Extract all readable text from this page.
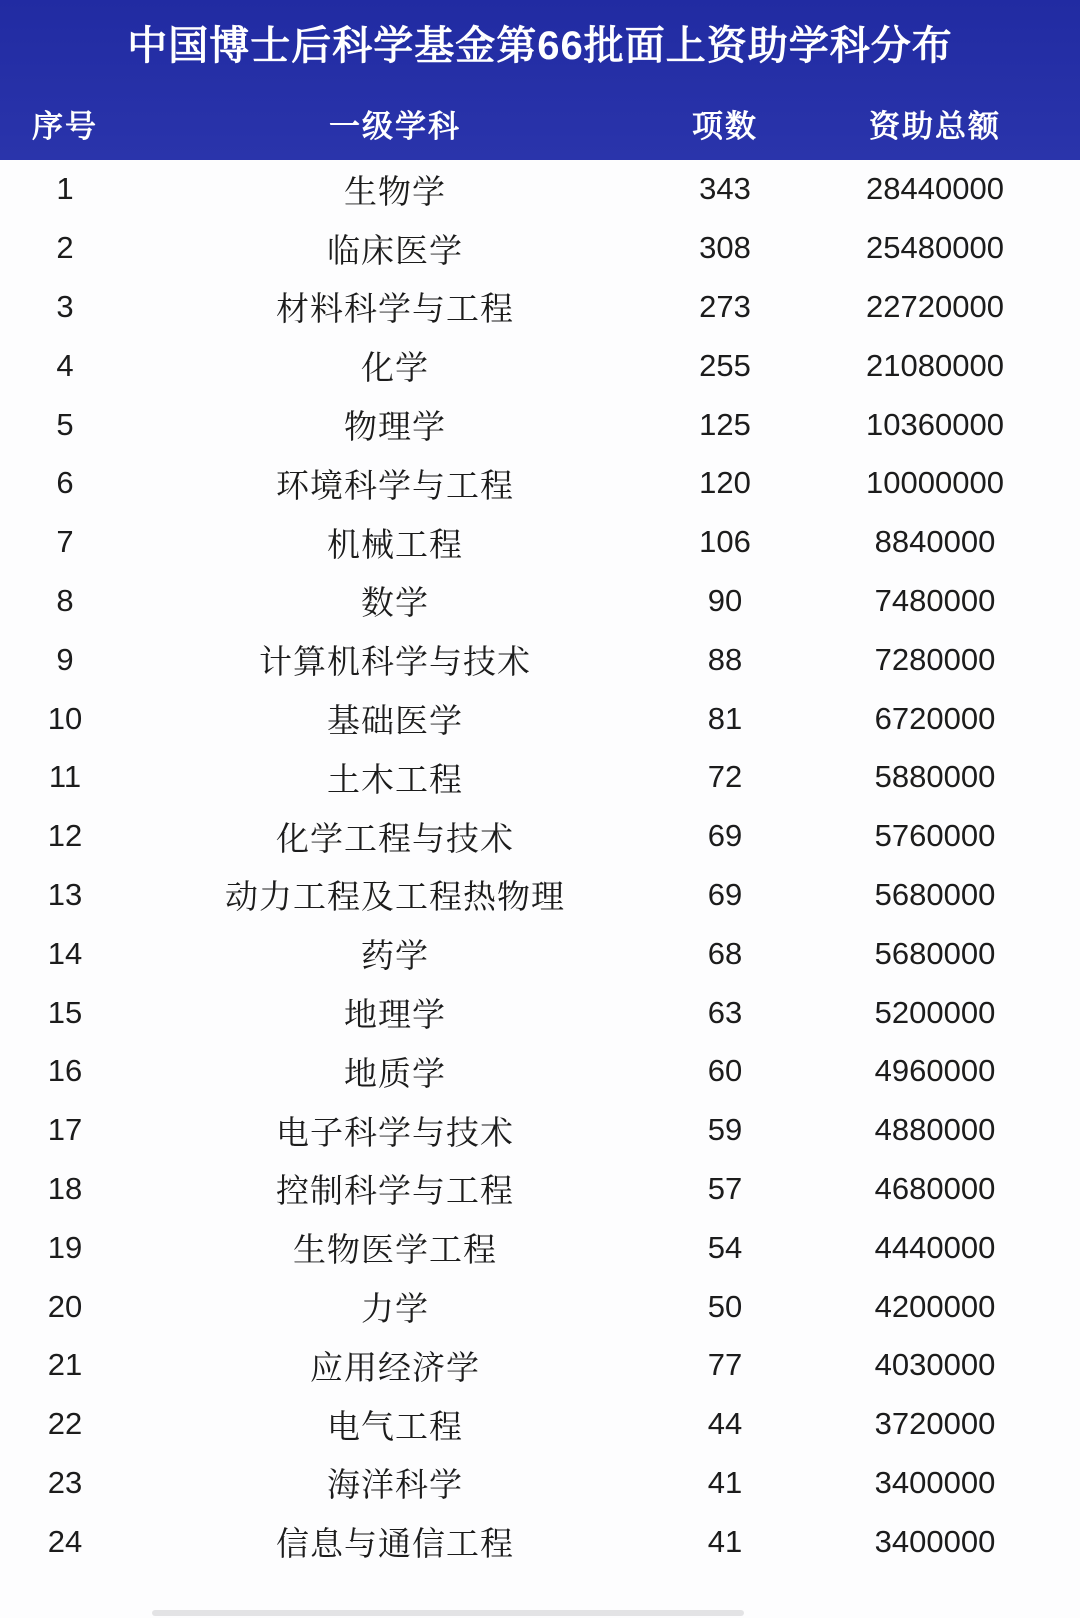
中国博士后科学基金第66批面上资助学科分布
序号	一级学科	项数	资助总额
1	生物学	343	28440000
2	临床医学	308	25480000
3	材料科学与工程	273	22720000
4	化学	255	21080000
5	物理学	125	10360000
6	环境科学与工程	120	10000000
7	机械工程	106	8840000
8	数学	90	7480000
9	计算机科学与技术	88	7280000
10	基础医学	81	6720000
11	土木工程	72	5880000
12	化学工程与技术	69	5760000
13	动力工程及工程热物理	69	5680000
14	药学	68	5680000
15	地理学	63	5200000
16	地质学	60	4960000
17	电子科学与技术	59	4880000
18	控制科学与工程	57	4680000
19	生物医学工程	54	4440000
20	力学	50	4200000
21	应用经济学	77	4030000
22	电气工程	44	3720000
23	海洋科学	41	3400000
24	信息与通信工程	41	3400000
